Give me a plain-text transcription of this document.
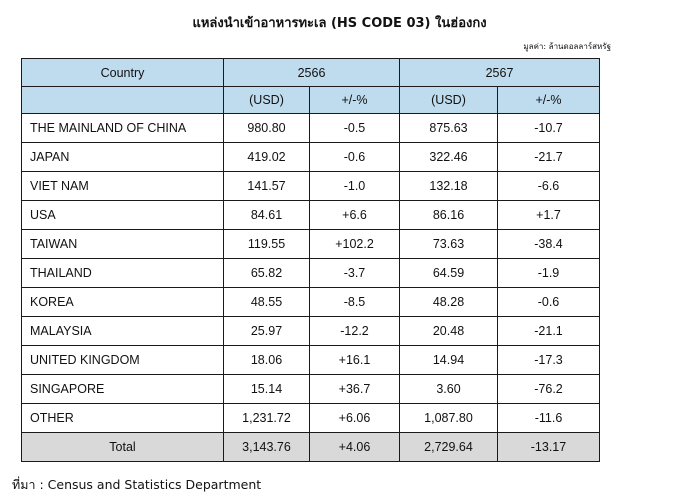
แหล่งนำเข้าอาหารทะเล (HS CODE 03) ในฮ่องกง
มูลค่า: ล้านดอลลาร์สหรัฐ
Country	2566		2567	
	(USD)	+/-%	(USD)	+/-%
THE MAINLAND OF CHINA	980.80	-0.5	875.63	-10.7
JAPAN	419.02	-0.6	322.46	-21.7
VIET NAM	141.57	-1.0	132.18	-6.6
USA	84.61	+6.6	86.16	+1.7
TAIWAN	119.55	+102.2	73.63	-38.4
THAILAND	65.82	-3.7	64.59	-1.9
KOREA	48.55	-8.5	48.28	-0.6
MALAYSIA	25.97	-12.2	20.48	-21.1
UNITED KINGDOM	18.06	+16.1	14.94	-17.3
SINGAPORE	15.14	+36.7	3.60	-76.2
OTHER	1,231.72	+6.06	1,087.80	-11.6
Total	3,143.76	+4.06	2,729.64	-13.17
ที่มา : Census and Statistics Department
